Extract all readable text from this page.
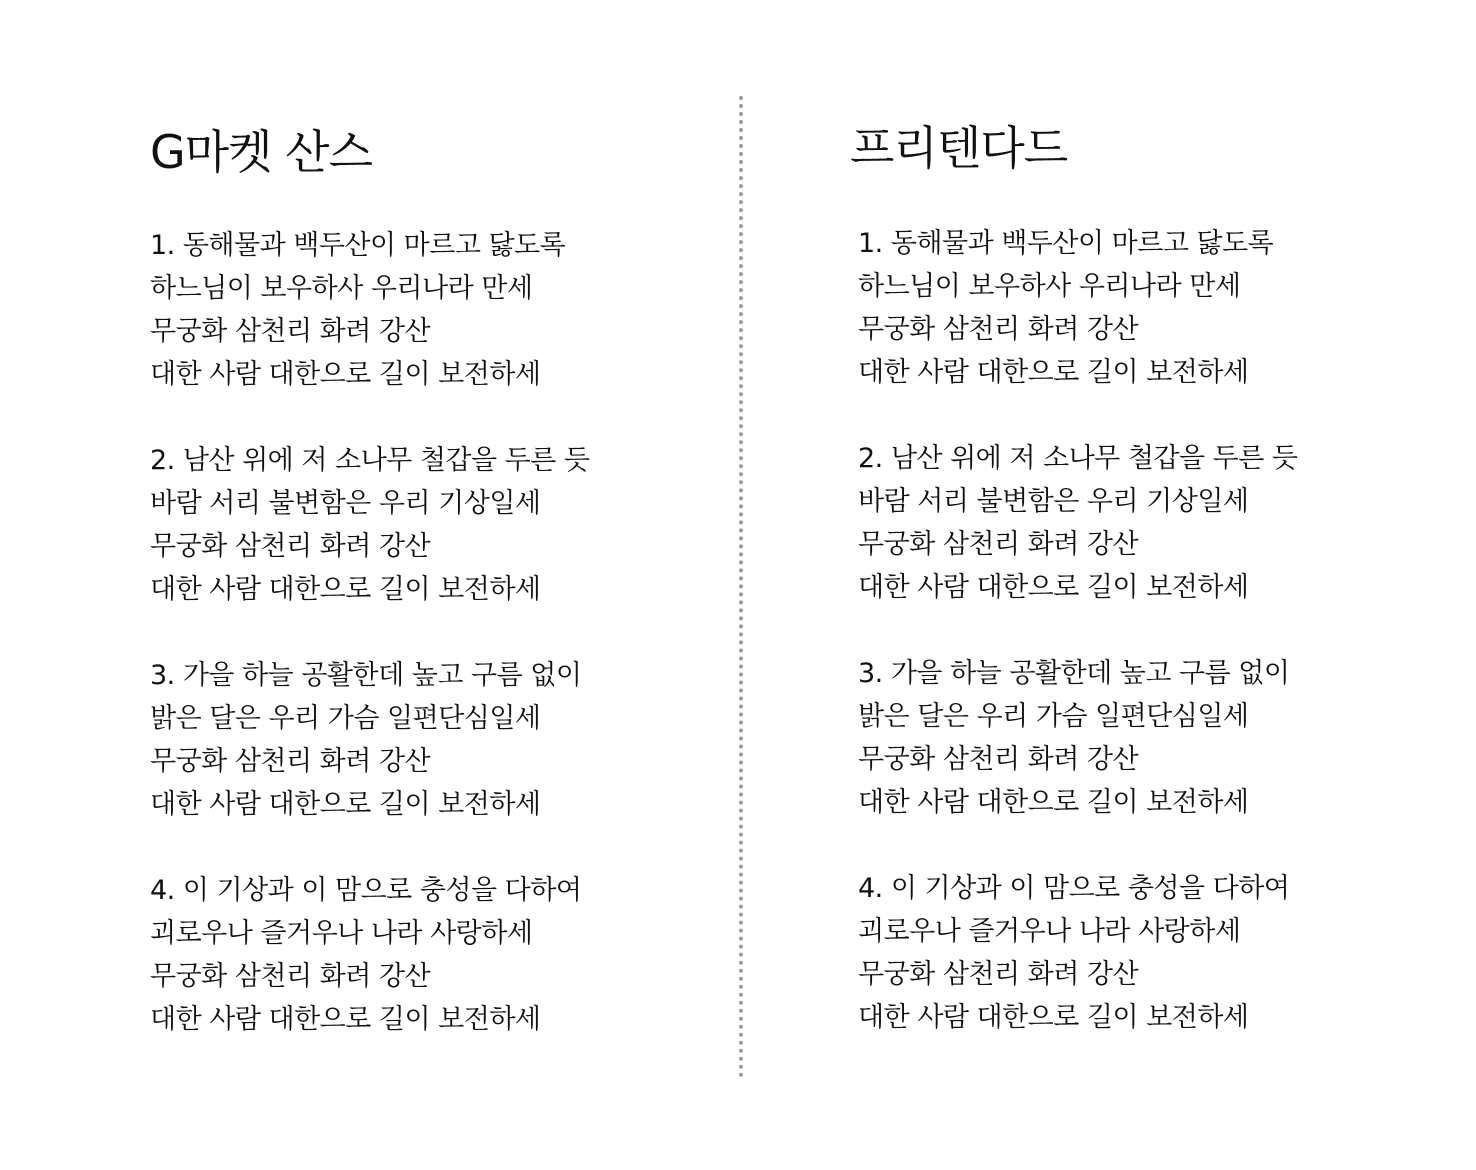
G마켓 산스
1. 동해물과 백두산이 마르고 닳도록
하느님이 보우하사 우리나라 만세
무궁화 삼천리 화려 강산
대한 사람 대한으로 길이 보전하세
2. 남산 위에 저 소나무 철갑을 두른 듯
바람 서리 불변함은 우리 기상일세
무궁화 삼천리 화려 강산
대한 사람 대한으로 길이 보전하세
3. 가을 하늘 공활한데 높고 구름 없이
밝은 달은 우리 가슴 일편단심일세
무궁화 삼천리 화려 강산
대한 사람 대한으로 길이 보전하세
4. 이 기상과 이 맘으로 충성을 다하여
괴로우나 즐거우나 나라 사랑하세
무궁화 삼천리 화려 강산
대한 사람 대한으로 길이 보전하세
프리텐다드
1. 동해물과 백두산이 마르고 닳도록
하느님이 보우하사 우리나라 만세
무궁화 삼천리 화려 강산
대한 사람 대한으로 길이 보전하세
2. 남산 위에 저 소나무 철갑을 두른 듯
바람 서리 불변함은 우리 기상일세
무궁화 삼천리 화려 강산
대한 사람 대한으로 길이 보전하세
3. 가을 하늘 공활한데 높고 구름 없이
밝은 달은 우리 가슴 일편단심일세
무궁화 삼천리 화려 강산
대한 사람 대한으로 길이 보전하세
4. 이 기상과 이 맘으로 충성을 다하여
괴로우나 즐거우나 나라 사랑하세
무궁화 삼천리 화려 강산
대한 사람 대한으로 길이 보전하세
